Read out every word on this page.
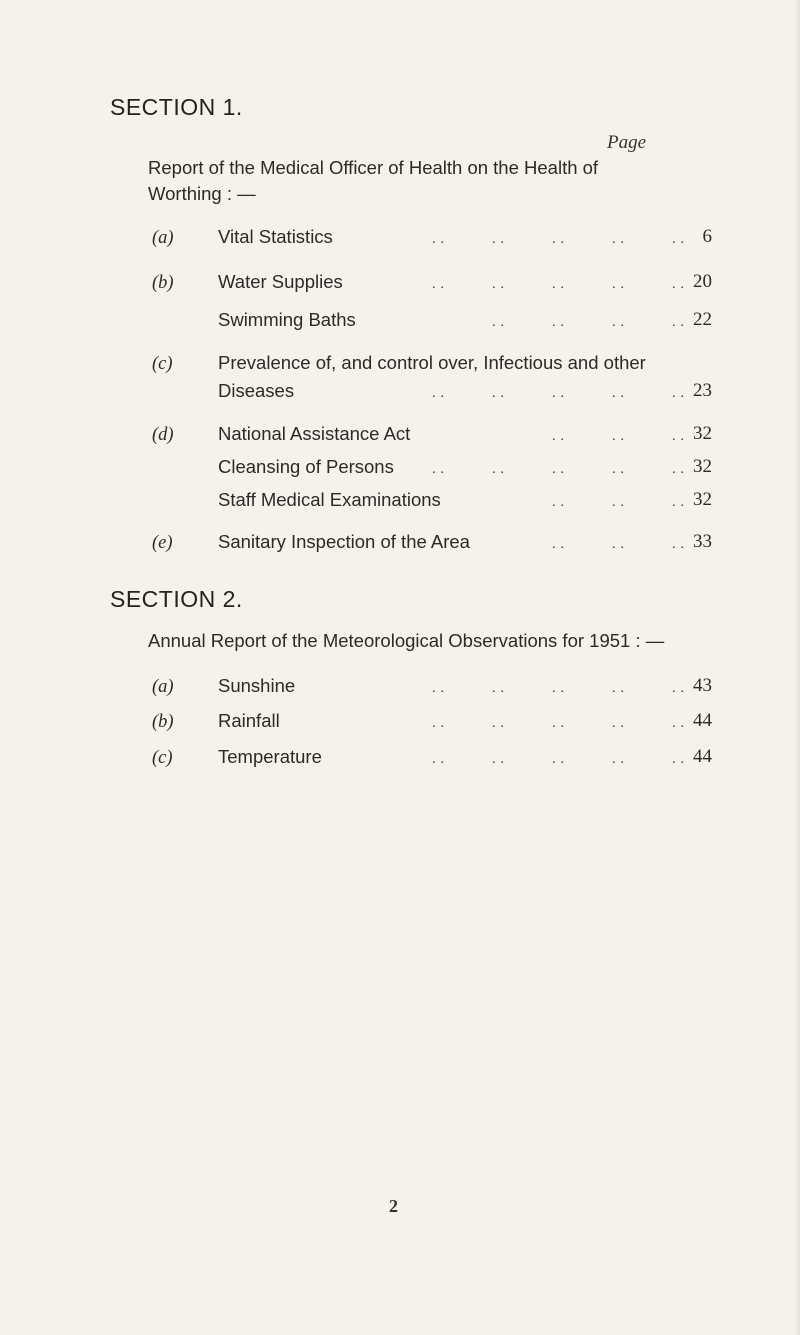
SECTION 1.
Page
Report of the Medical Officer of Health on the Health of
Worthing : —
(a) Vital Statistics	. .	. .	. .	. .	. . 6
(b) Water Supplies	. .	. .	. .	. .	. . 20
Swimming Baths	. .	. .	. .	. . 22
(c) Prevalence of, and control over, Infectious and other
Diseases	. .	. .	. .	. .	. . 23
(d) National Assistance Act	. .	. .	. . 32
Cleansing of Persons	. .	. .	. .	. .	. . 32
Staff Medical Examinations	. .	. .	. . 32
(e) Sanitary Inspection of the Area	. .	. .	. . 33
SECTION 2.
Annual Report of the Meteorological Observations for 1951 : —
(a) Sunshine	. .	. .	. .	. .	. . 43
(b) Rainfall	. .	. .	. .	. .	. . 44
(c) Temperature	. .	. .	. .	. .	. . 44
2
